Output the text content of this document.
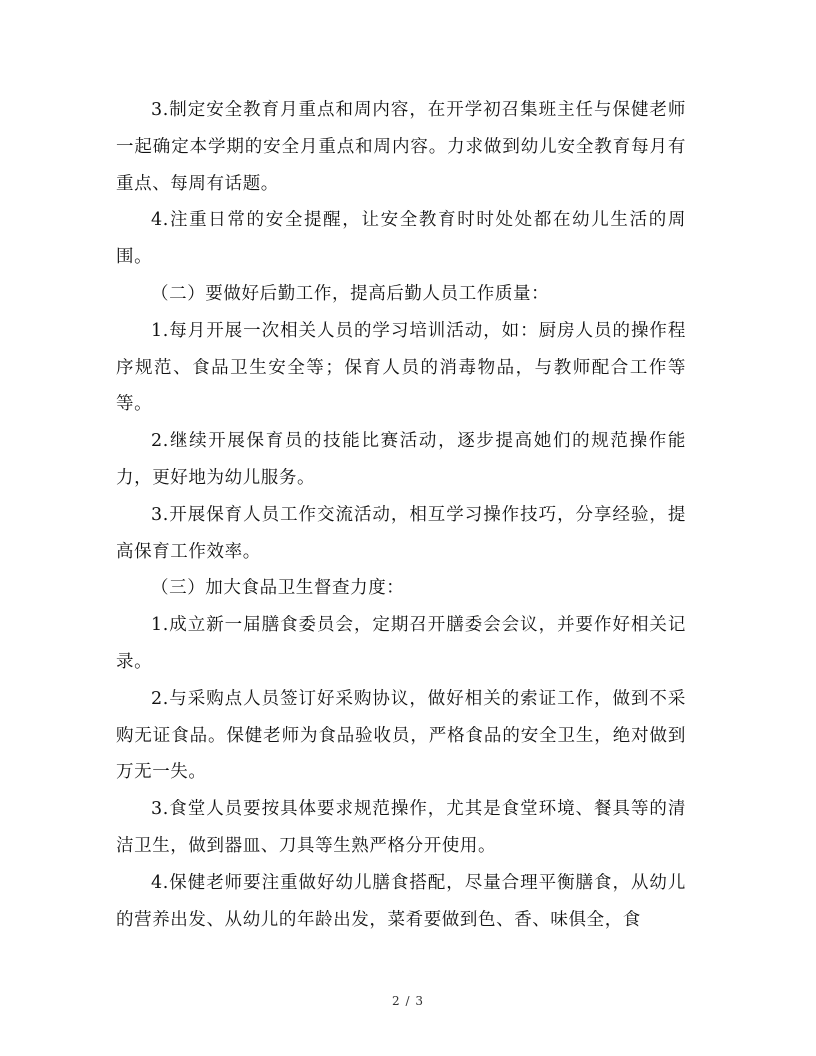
3.制定安全教育月重点和周内容，在开学初召集班主任与保健老师一起确定本学期的安全月重点和周内容。力求做到幼儿安全教育每月有重点、每周有话题。

4.注重日常的安全提醒，让安全教育时时处处都在幼儿生活的周围。

（二）要做好后勤工作，提高后勤人员工作质量：

1.每月开展一次相关人员的学习培训活动，如：厨房人员的操作程序规范、食品卫生安全等；保育人员的消毒物品，与教师配合工作等等。

2.继续开展保育员的技能比赛活动，逐步提高她们的规范操作能力，更好地为幼儿服务。

3.开展保育人员工作交流活动，相互学习操作技巧，分享经验，提高保育工作效率。

（三）加大食品卫生督查力度：

1.成立新一届膳食委员会，定期召开膳委会会议，并要作好相关记录。

2.与采购点人员签订好采购协议，做好相关的索证工作，做到不采购无证食品。保健老师为食品验收员，严格食品的安全卫生，绝对做到万无一失。

3.食堂人员要按具体要求规范操作，尤其是食堂环境、餐具等的清洁卫生，做到器皿、刀具等生熟严格分开使用。

4.保健老师要注重做好幼儿膳食搭配，尽量合理平衡膳食，从幼儿的营养出发、从幼儿的年龄出发，菜肴要做到色、香、味俱全，食

2 / 3
